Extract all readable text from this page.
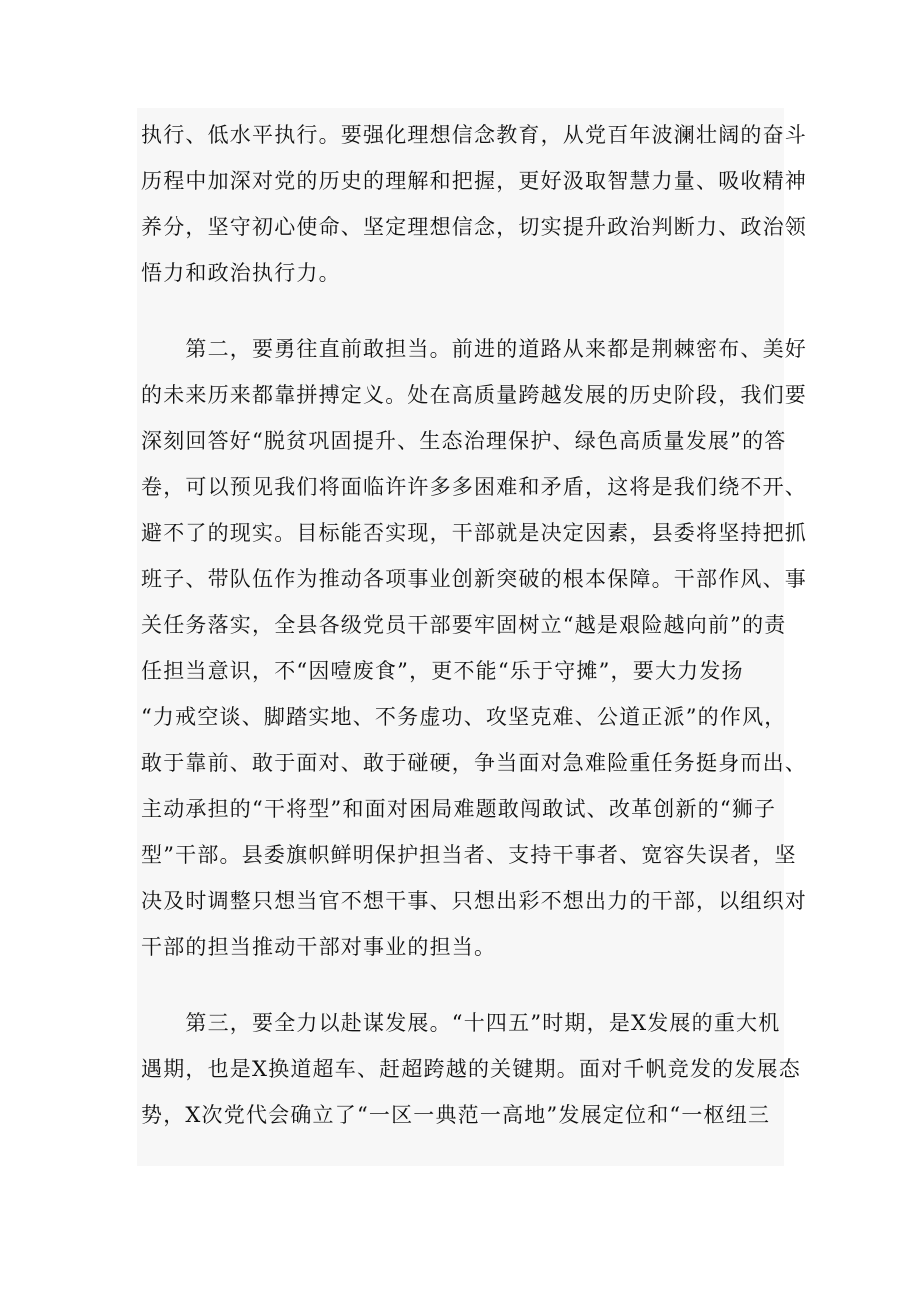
执行、低水平执行。要强化理想信念教育，从党百年波澜壮阔的奋斗

历程中加深对党的历史的理解和把握，更好汲取智慧力量、吸收精神

养分，坚守初心使命、坚定理想信念，切实提升政治判断力、政治领

悟力和政治执行力。

　　第二，要勇往直前敢担当。前进的道路从来都是荆棘密布、美好

的未来历来都靠拼搏定义。处在高质量跨越发展的历史阶段，我们要

深刻回答好“脱贫巩固提升、生态治理保护、绿色高质量发展”的答

卷，可以预见我们将面临许许多多困难和矛盾，这将是我们绕不开、

避不了的现实。目标能否实现，干部就是决定因素，县委将坚持把抓

班子、带队伍作为推动各项事业创新突破的根本保障。干部作风、事

关任务落实，全县各级党员干部要牢固树立“越是艰险越向前”的责

任担当意识，不“因噎废食”，更不能“乐于守摊”，要大力发扬

“力戒空谈、脚踏实地、不务虚功、攻坚克难、公道正派”的作风，

敢于靠前、敢于面对、敢于碰硬，争当面对急难险重任务挺身而出、

主动承担的“干将型”和面对困局难题敢闯敢试、改革创新的“狮子

型”干部。县委旗帜鲜明保护担当者、支持干事者、宽容失误者，坚

决及时调整只想当官不想干事、只想出彩不想出力的干部，以组织对

干部的担当推动干部对事业的担当。

　　第三，要全力以赴谋发展。“十四五”时期，是X发展的重大机

遇期，也是X换道超车、赶超跨越的关键期。面对千帆竞发的发展态

势，X次党代会确立了“一区一典范一高地”发展定位和“一枢纽三
